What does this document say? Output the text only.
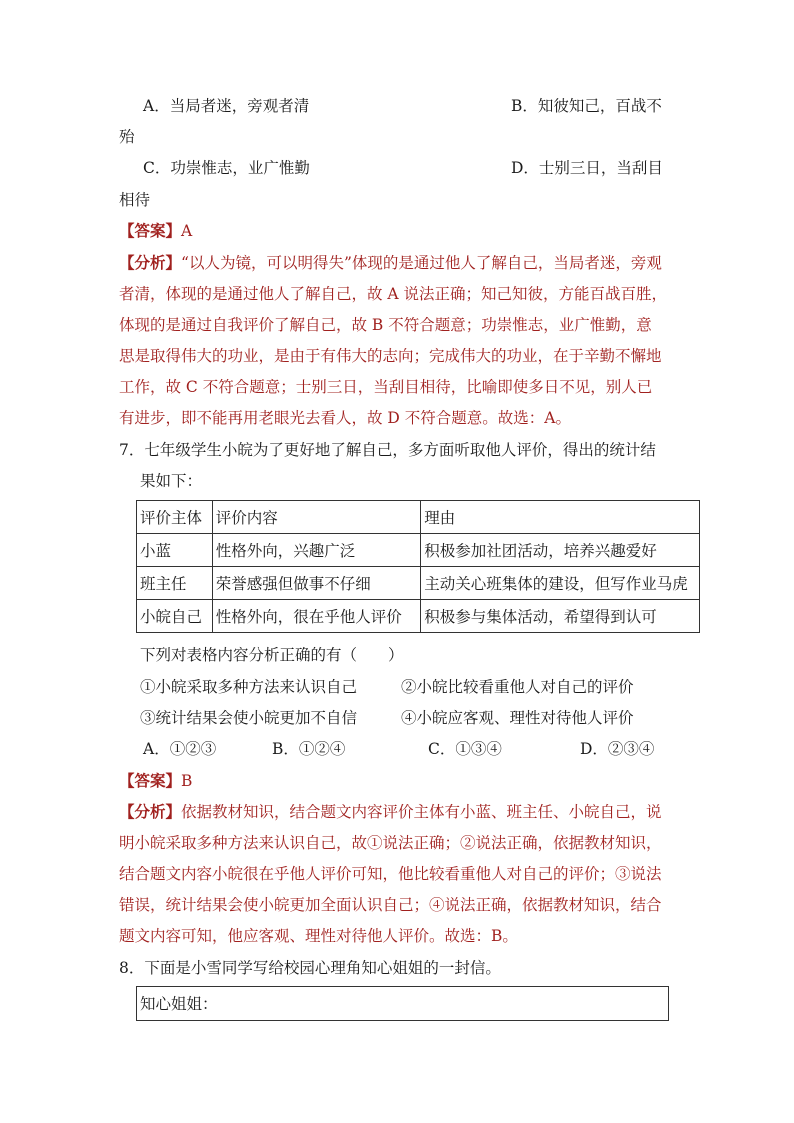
A．当局者迷，旁观者清	B．知彼知己，百战不
殆
C．功崇惟志，业广惟勤	D．士别三日，当刮目
相待
【答案】A
【分析】“以人为镜，可以明得失”体现的是通过他人了解自己，当局者迷，旁观
者清，体现的是通过他人了解自己，故 A 说法正确；知己知彼，方能百战百胜，
体现的是通过自我评价了解自己，故 B 不符合题意；功崇惟志，业广惟勤，意
思是取得伟大的功业，是由于有伟大的志向；完成伟大的功业，在于辛勤不懈地
工作，故 C 不符合题意；士别三日，当刮目相待，比喻即使多日不见，别人已
有进步，即不能再用老眼光去看人，故 D 不符合题意。故选：A。
7．七年级学生小皖为了更好地了解自己，多方面听取他人评价，得出的统计结
果如下：
评价主体	评价内容	理由
小蓝	性格外向，兴趣广泛	积极参加社团活动，培养兴趣爱好
班主任	荣誉感强但做事不仔细	主动关心班集体的建设，但写作业马虎
小皖自己	性格外向，很在乎他人评价	积极参与集体活动，希望得到认可
下列对表格内容分析正确的有（　　）
①小皖采取多种方法来认识自己	②小皖比较看重他人对自己的评价
③统计结果会使小皖更加不自信	④小皖应客观、理性对待他人评价
A．①②③	B．①②④	C．①③④	D．②③④
【答案】B
【分析】依据教材知识，结合题文内容评价主体有小蓝、班主任、小皖自己，说
明小皖采取多种方法来认识自己，故①说法正确；②说法正确，依据教材知识，
结合题文内容小皖很在乎他人评价可知，他比较看重他人对自己的评价；③说法
错误，统计结果会使小皖更加全面认识自己；④说法正确，依据教材知识，结合
题文内容可知，他应客观、理性对待他人评价。故选：B。
8．下面是小雪同学写给校园心理角知心姐姐的一封信。
知心姐姐：
